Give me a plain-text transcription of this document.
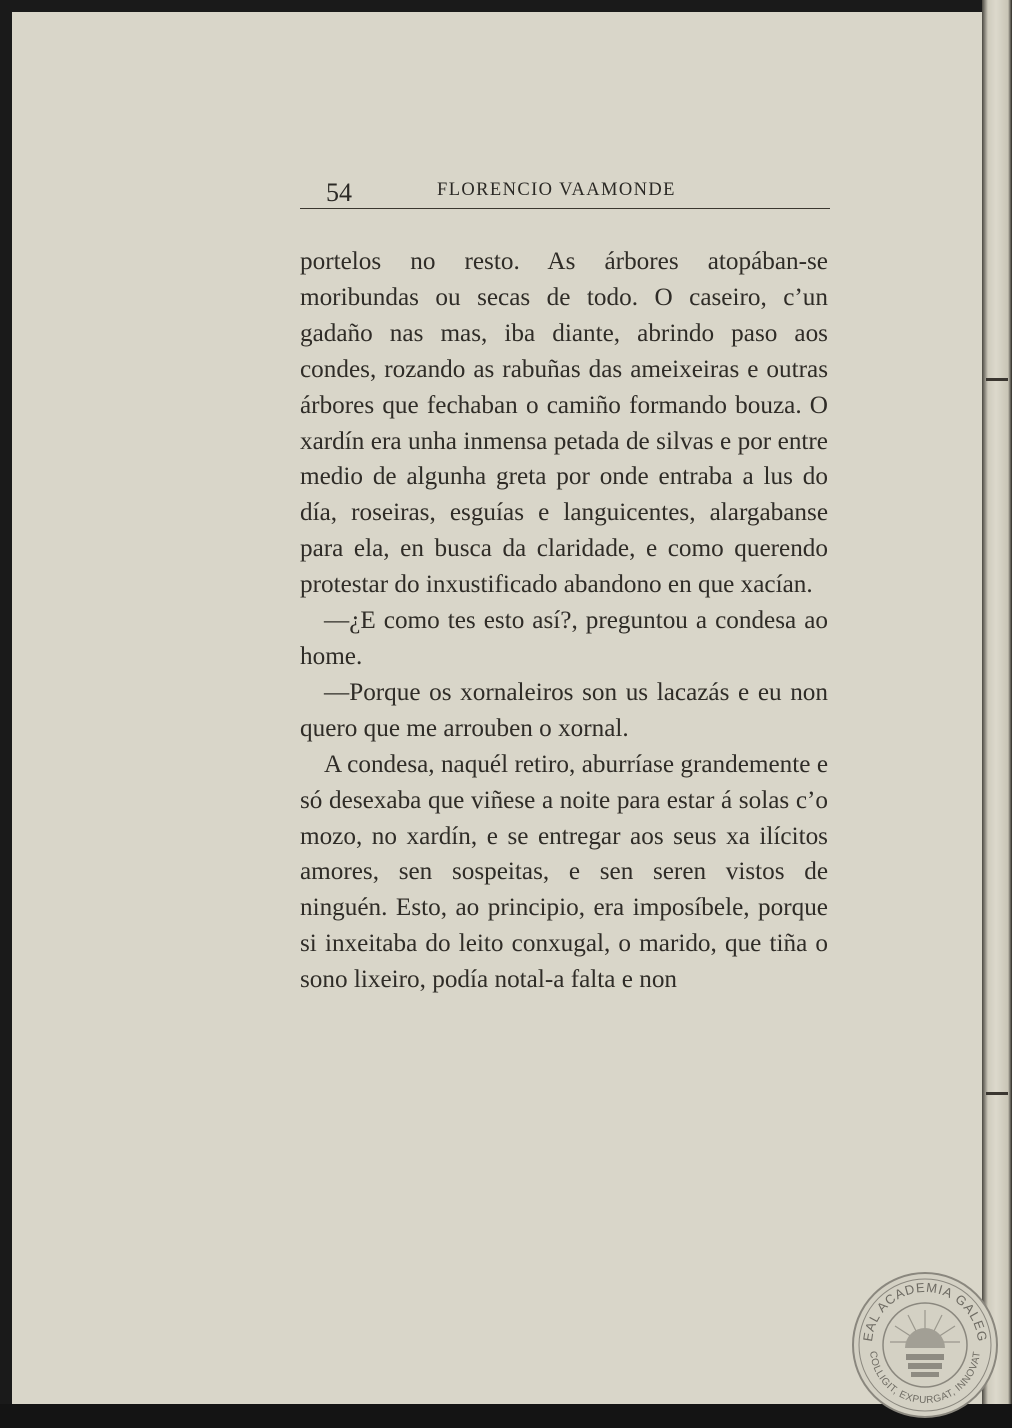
54	FLORENCIO VAAMONDE

portelos no resto. As árbores atopában-se moribundas ou secas de todo. O caseiro, c’un gadaño nas mas, iba diante, abrindo paso aos condes, rozando as rabuñas das ameixeiras e outras árbores que fechaban o camiño formando bouza. O xardín era unha inmensa petada de silvas e por entre medio de algunha greta por onde entraba a lus do día, roseiras, esguías e languicentes, alargabanse para ela, en busca da claridade, e como querendo protestar do inxustificado abandono en que xacían.

—¿E como tes esto así?, preguntou a condesa ao home.

—Porque os xornaleiros son us lacazás e eu non quero que me arrouben o xornal.

A condesa, naquél retiro, aburríase grandemente e só desexaba que viñese a noite para estar á solas c’o mozo, no xardín, e se entregar aos seus xa ilícitos amores, sen sospeitas, e sen seren vistos de ninguén. Esto, ao principio, era imposíbele, porque si inxeitaba do leito conxugal, o marido, que tiña o sono lixeiro, podía notal-a falta e non

EAL ACADEMIA GALEG
COLLIGIT, EXPURGAT, INNOVAT
